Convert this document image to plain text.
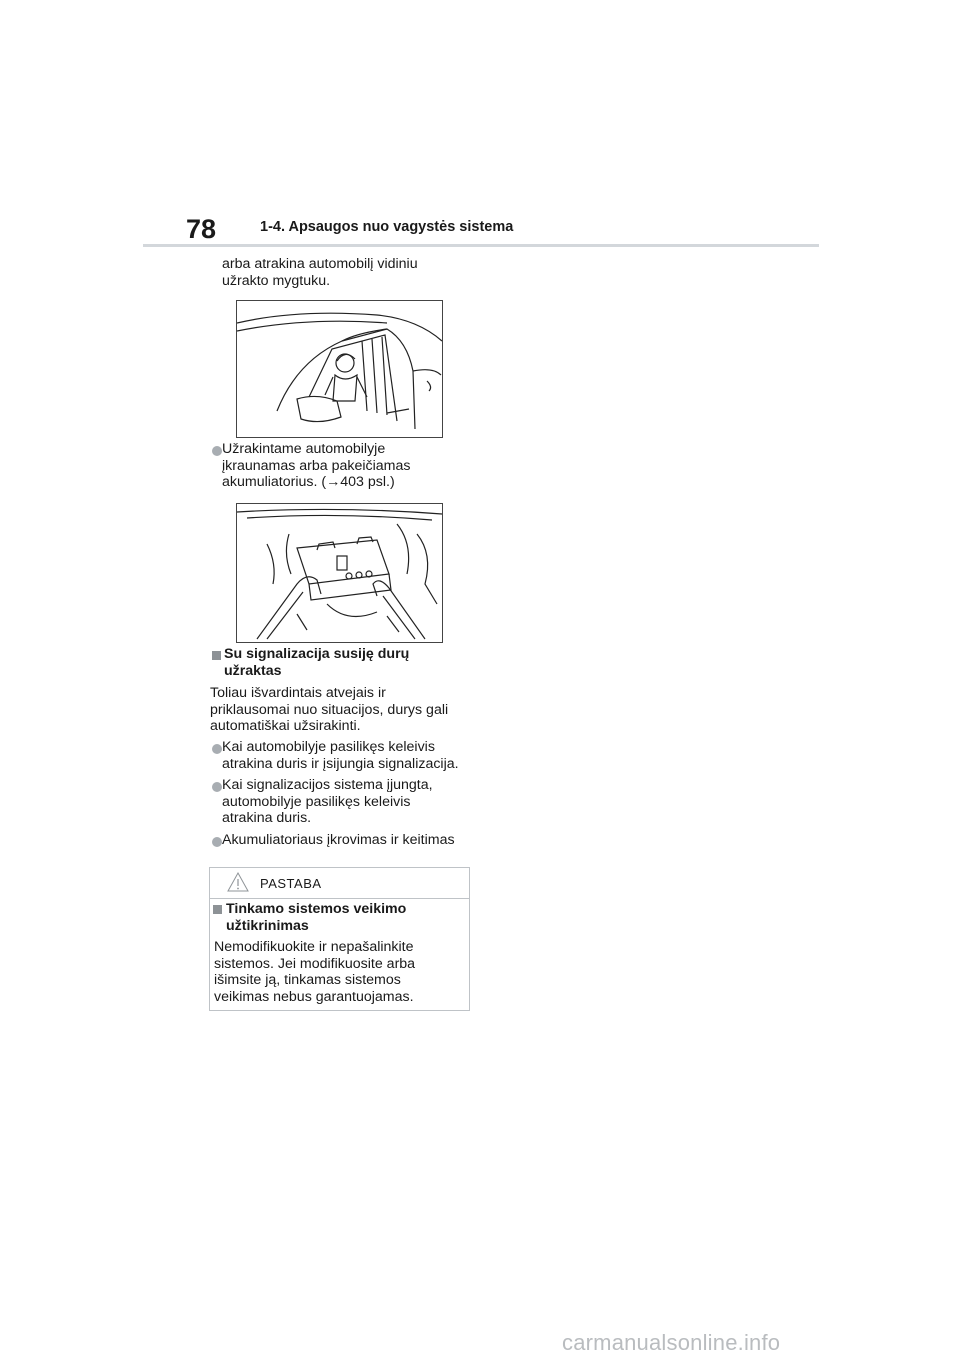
78	1-4. Apsaugos nuo vagystės sistema
arba atrakina automobilį vidiniu
užrakto mygtuku.
Užrakintame automobilyje
įkraunamas arba pakeičiamas
akumuliatorius. (→403 psl.)
Su signalizacija susiję durų
užraktas
Toliau išvardintais atvejais ir
priklausomai nuo situacijos, durys gali
automatiškai užsirakinti.
Kai automobilyje pasilikęs keleivis
atrakina duris ir įsijungia signalizacija.
Kai signalizacijos sistema įjungta,
automobilyje pasilikęs keleivis
atrakina duris.
Akumuliatoriaus įkrovimas ir keitimas
PASTABA
Tinkamo sistemos veikimo
užtikrinimas
Nemodifikuokite ir nepašalinkite
sistemos. Jei modifikuosite arba
išimsite ją, tinkamas sistemos
veikimas nebus garantuojamas.
carmanualsonline.info
